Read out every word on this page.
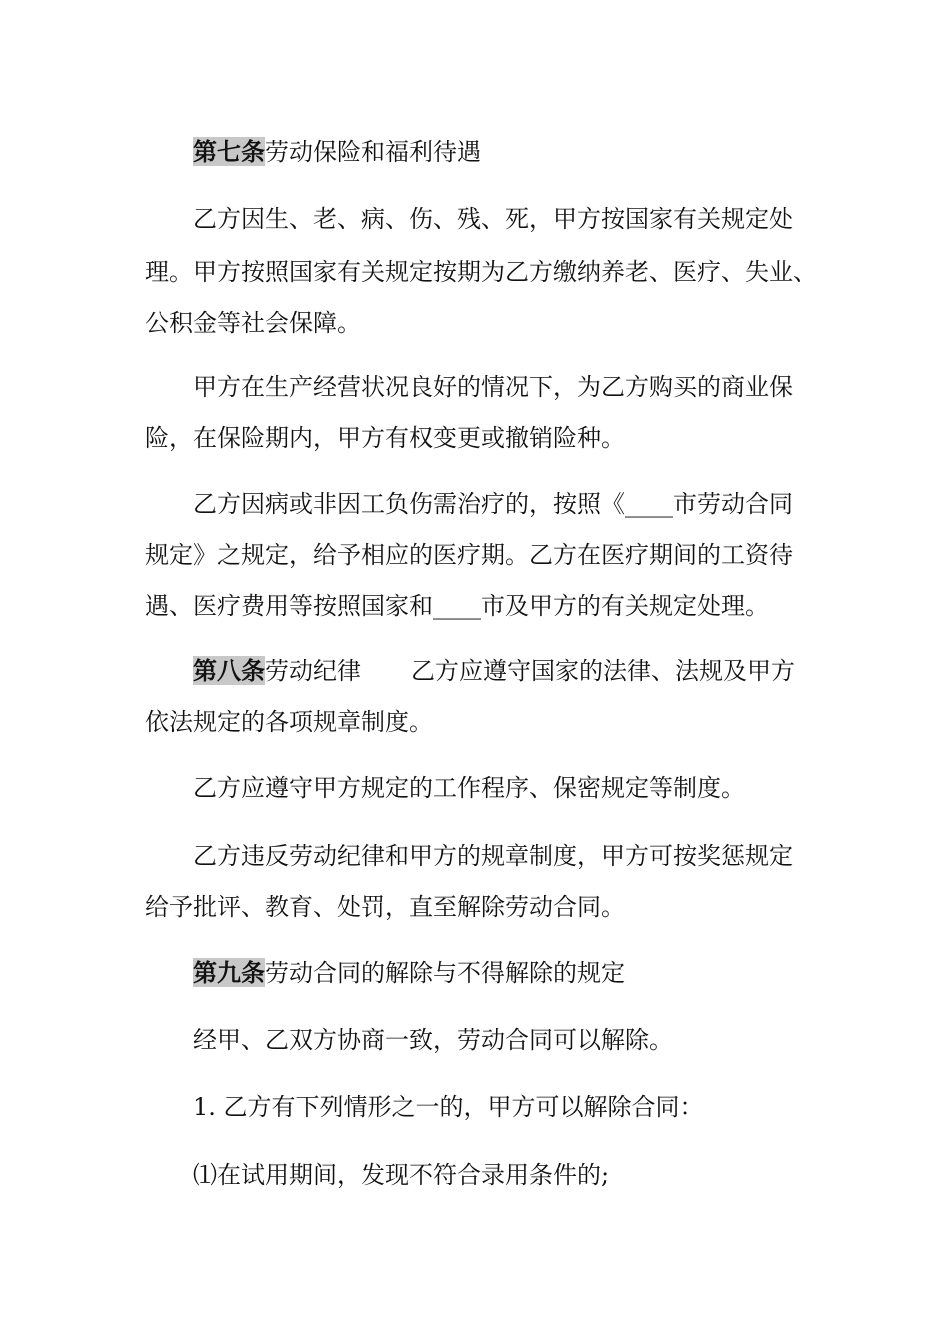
第七条劳动保险和福利待遇
乙方因生、老、病、伤、残、死，甲方按国家有关规定处
理。甲方按照国家有关规定按期为乙方缴纳养老、医疗、失业、
公积金等社会保障。
甲方在生产经营状况良好的情况下，为乙方购买的商业保
险，在保险期内，甲方有权变更或撤销险种。
乙方因病或非因工负伤需治疗的，按照《____市劳动合同
规定》之规定，给予相应的医疗期。乙方在医疗期间的工资待
遇、医疗费用等按照国家和____市及甲方的有关规定处理。
第八条劳动纪律 乙方应遵守国家的法律、法规及甲方
依法规定的各项规章制度。
乙方应遵守甲方规定的工作程序、保密规定等制度。
乙方违反劳动纪律和甲方的规章制度，甲方可按奖惩规定
给予批评、教育、处罚，直至解除劳动合同。
第九条劳动合同的解除与不得解除的规定
经甲、乙双方协商一致，劳动合同可以解除。
1. 乙方有下列情形之一的，甲方可以解除合同：
⑴在试用期间，发现不符合录用条件的;
